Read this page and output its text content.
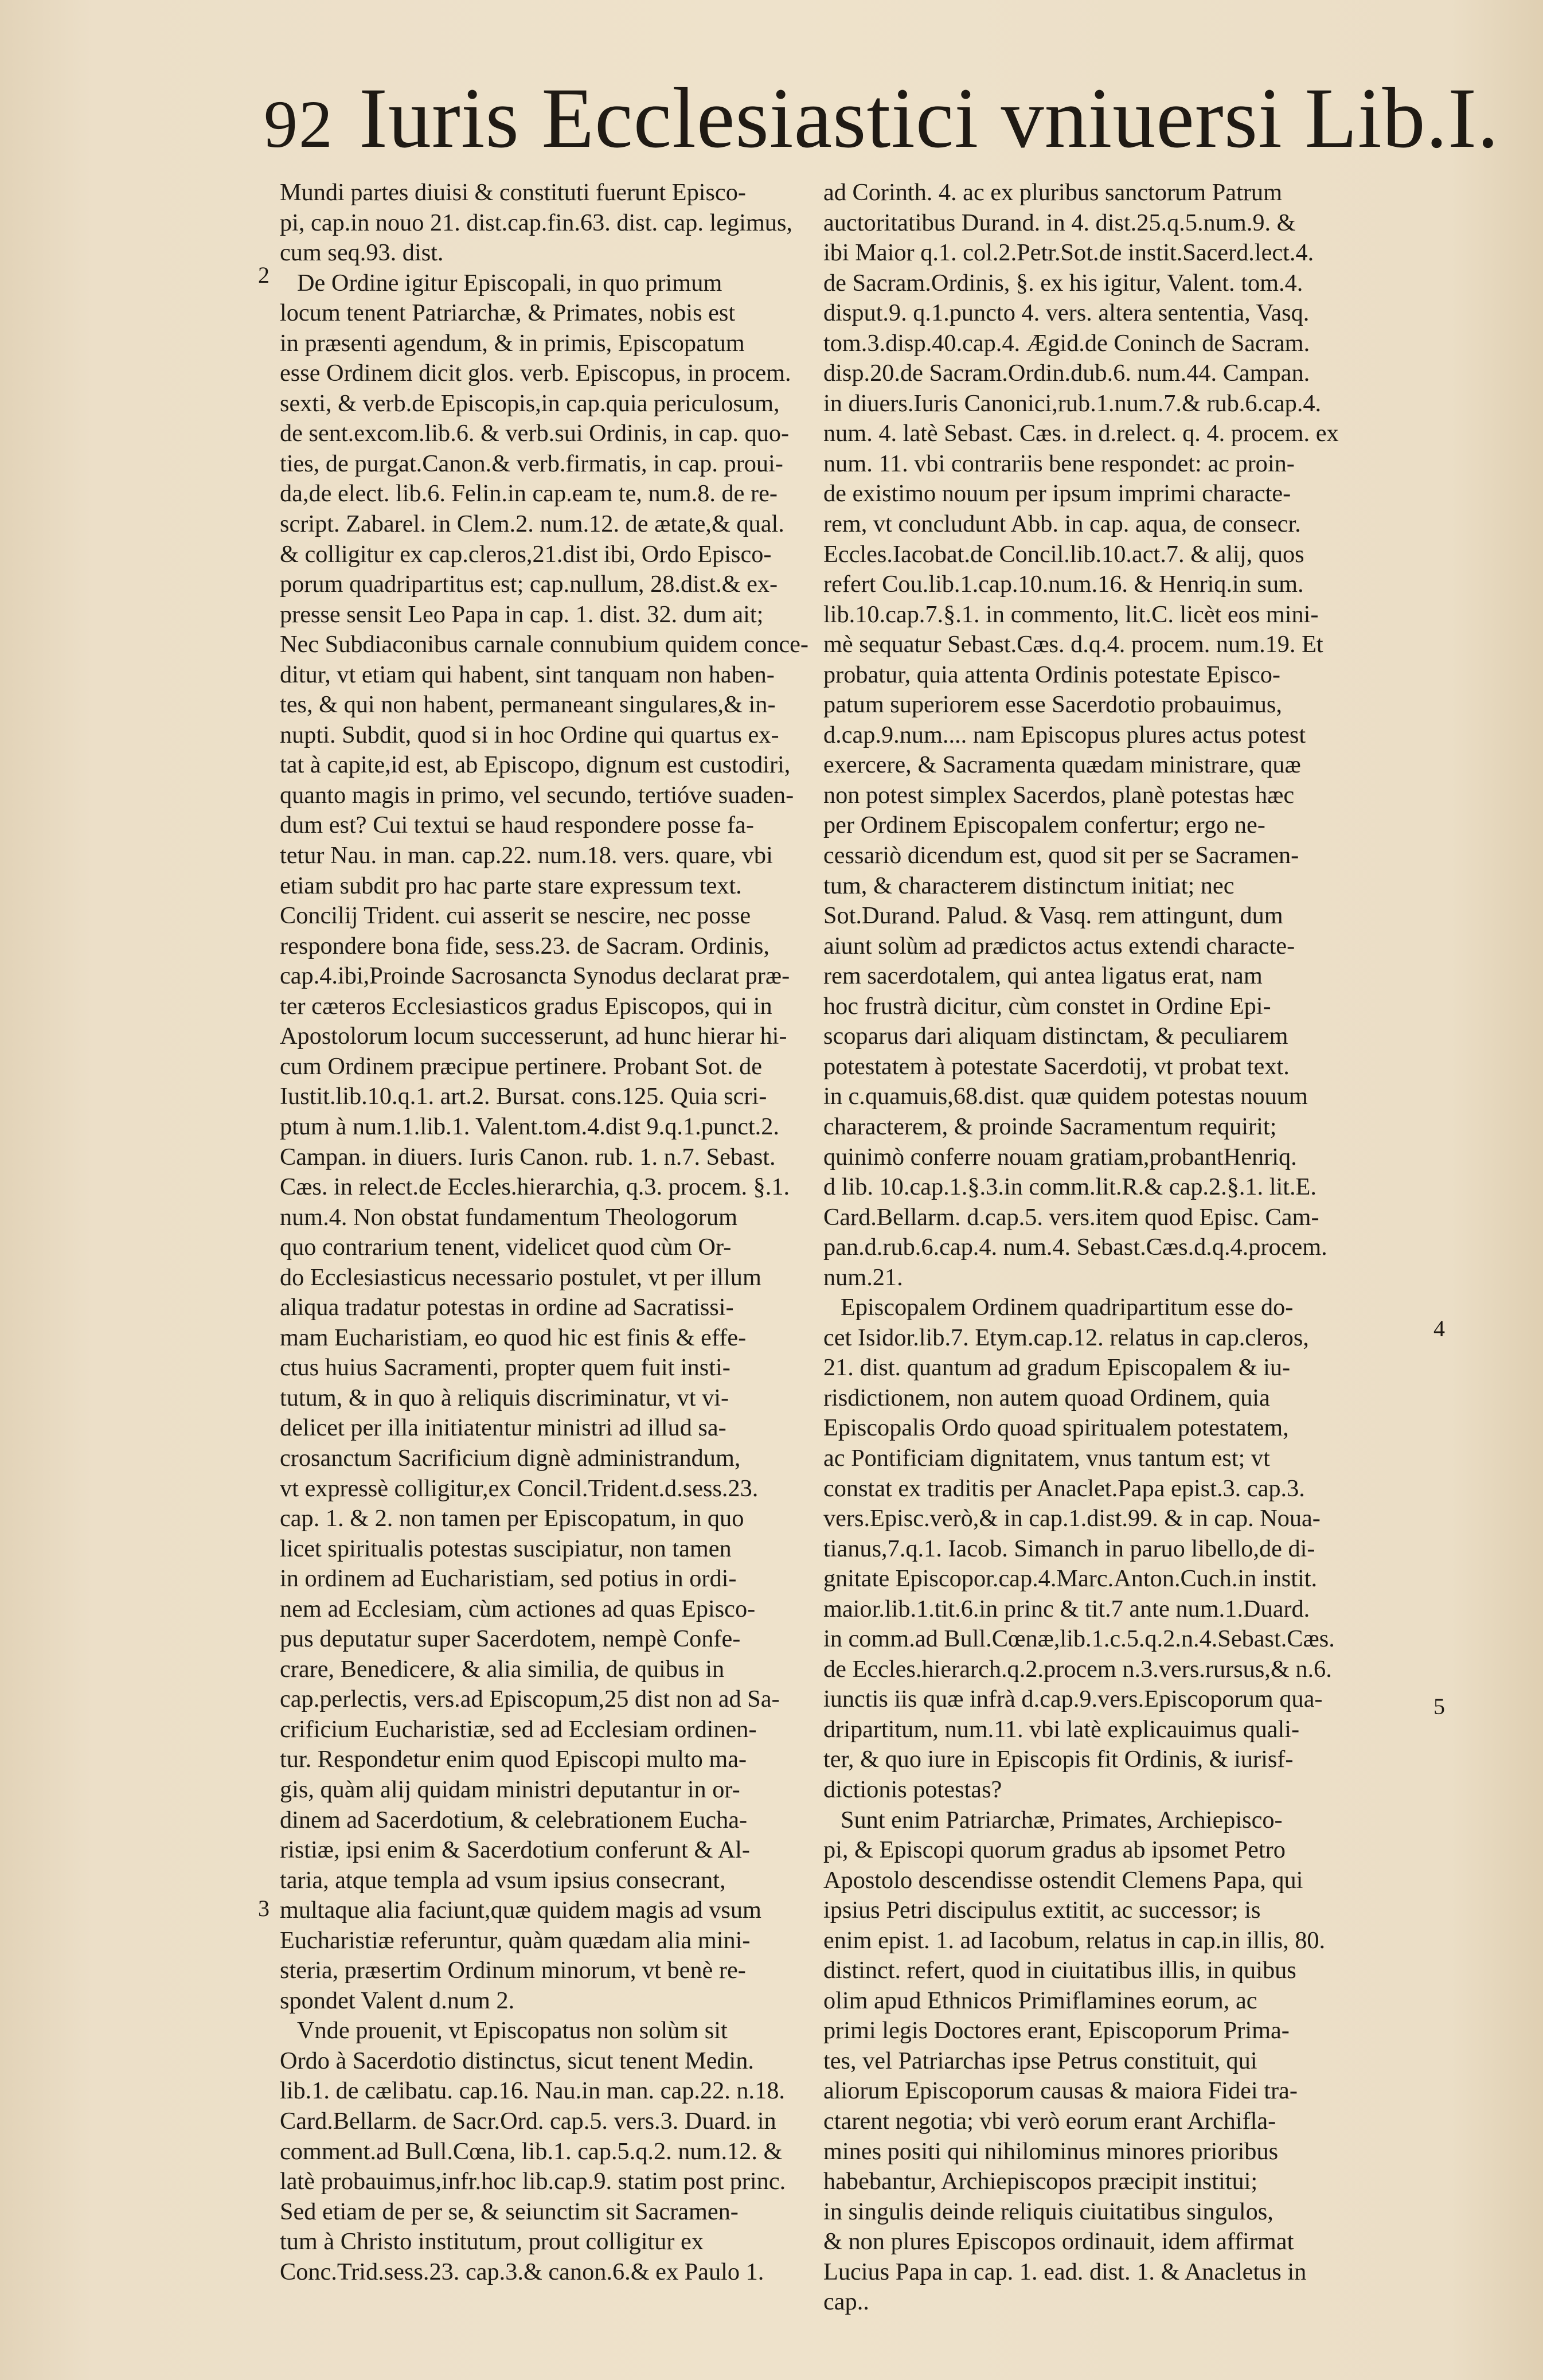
92 Iuris Ecclesiastici vniuersi Lib.I.
Mundi partes diuisi & constituti fuerunt Episco-
pi, cap.in nouo 21. dist.cap.fin.63. dist. cap. legimus,
cum seq.93. dist.
De Ordine igitur Episcopali, in quo primum
locum tenent Patriarchæ, & Primates, nobis est
in præsenti agendum, & in primis, Episcopatum
esse Ordinem dicit glos. verb. Episcopus, in procem.
sexti, & verb.de Episcopis,in cap.quia periculosum,
de sent.excom.lib.6. & verb.sui Ordinis, in cap. quo-
ties, de purgat.Canon.& verb.firmatis, in cap. proui-
da,de elect. lib.6. Felin.in cap.eam te, num.8. de re-
script. Zabarel. in Clem.2. num.12. de ætate,& qual.
& colligitur ex cap.cleros,21.dist ibi, Ordo Episco-
porum quadripartitus est; cap.nullum, 28.dist.& ex-
presse sensit Leo Papa in cap. 1. dist. 32. dum ait;
Nec Subdiaconibus carnale connubium quidem conce-
ditur, vt etiam qui habent, sint tanquam non haben-
tes, & qui non habent, permaneant singulares,& in-
nupti. Subdit, quod si in hoc Ordine qui quartus ex-
tat à capite,id est, ab Episcopo, dignum est custodiri,
quanto magis in primo, vel secundo, tertióve suaden-
dum est? Cui textui se haud respondere posse fa-
tetur Nau. in man. cap.22. num.18. vers. quare, vbi
etiam subdit pro hac parte stare expressum text.
Concilij Trident. cui asserit se nescire, nec posse
respondere bona fide, sess.23. de Sacram. Ordinis,
cap.4.ibi,Proinde Sacrosancta Synodus declarat præ-
ter cæteros Ecclesiasticos gradus Episcopos, qui in
Apostolorum locum successerunt, ad hunc hierar hi-
cum Ordinem præcipue pertinere. Probant Sot. de
Iustit.lib.10.q.1. art.2. Bursat. cons.125. Quia scri-
ptum à num.1.lib.1. Valent.tom.4.dist 9.q.1.punct.2.
Campan. in diuers. Iuris Canon. rub. 1. n.7. Sebast.
Cæs. in relect.de Eccles.hierarchia, q.3. procem. §.1.
num.4. Non obstat fundamentum Theologorum
quo contrarium tenent, videlicet quod cùm Or-
do Ecclesiasticus necessario postulet, vt per illum
aliqua tradatur potestas in ordine ad Sacratissi-
mam Eucharistiam, eo quod hic est finis & effe-
ctus huius Sacramenti, propter quem fuit insti-
tutum, & in quo à reliquis discriminatur, vt vi-
delicet per illa initiatentur ministri ad illud sa-
crosanctum Sacrificium dignè administrandum,
vt expressè colligitur,ex Concil.Trident.d.sess.23.
cap. 1. & 2. non tamen per Episcopatum, in quo
licet spiritualis potestas suscipiatur, non tamen
in ordinem ad Eucharistiam, sed potius in ordi-
nem ad Ecclesiam, cùm actiones ad quas Episco-
pus deputatur super Sacerdotem, nempè Confe-
crare, Benedicere, & alia similia, de quibus in
cap.perlectis, vers.ad Episcopum,25 dist non ad Sa-
crificium Eucharistiæ, sed ad Ecclesiam ordinen-
tur. Respondetur enim quod Episcopi multo ma-
gis, quàm alij quidam ministri deputantur in or-
dinem ad Sacerdotium, & celebrationem Eucha-
ristiæ, ipsi enim & Sacerdotium conferunt & Al-
taria, atque templa ad vsum ipsius consecrant,
multaque alia faciunt,quæ quidem magis ad vsum
Eucharistiæ referuntur, quàm quædam alia mini-
steria, præsertim Ordinum minorum, vt benè re-
spondet Valent d.num 2.
Vnde prouenit, vt Episcopatus non solùm sit
Ordo à Sacerdotio distinctus, sicut tenent Medin.
lib.1. de cælibatu. cap.16. Nau.in man. cap.22. n.18.
Card.Bellarm. de Sacr.Ord. cap.5. vers.3. Duard. in
comment.ad Bull.Cœna, lib.1. cap.5.q.2. num.12. &
latè probauimus,infr.hoc lib.cap.9. statim post princ.
Sed etiam de per se, & seiunctim sit Sacramen-
tum à Christo institutum, prout colligitur ex
Conc.Trid.sess.23. cap.3.& canon.6.& ex Paulo 1.
ad Corinth. 4. ac ex pluribus sanctorum Patrum
auctoritatibus Durand. in 4. dist.25.q.5.num.9. &
ibi Maior q.1. col.2.Petr.Sot.de instit.Sacerd.lect.4.
de Sacram.Ordinis, §. ex his igitur, Valent. tom.4.
disput.9. q.1.puncto 4. vers. altera sententia, Vasq.
tom.3.disp.40.cap.4. Ægid.de Coninch de Sacram.
disp.20.de Sacram.Ordin.dub.6. num.44. Campan.
in diuers.Iuris Canonici,rub.1.num.7.& rub.6.cap.4.
num. 4. latè Sebast. Cæs. in d.relect. q. 4. procem. ex
num. 11. vbi contrariis bene respondet: ac proin-
de existimo nouum per ipsum imprimi characte-
rem, vt concludunt Abb. in cap. aqua, de consecr.
Eccles.Iacobat.de Concil.lib.10.act.7. & alij, quos
refert Cou.lib.1.cap.10.num.16. & Henriq.in sum.
lib.10.cap.7.§.1. in commento, lit.C. licèt eos mini-
mè sequatur Sebast.Cæs. d.q.4. procem. num.19. Et
probatur, quia attenta Ordinis potestate Episco-
patum superiorem esse Sacerdotio probauimus,
d.cap.9.num.... nam Episcopus plures actus potest
exercere, & Sacramenta quædam ministrare, quæ
non potest simplex Sacerdos, planè potestas hæc
per Ordinem Episcopalem confertur; ergo ne-
cessariò dicendum est, quod sit per se Sacramen-
tum, & characterem distinctum initiat; nec
Sot.Durand. Palud. & Vasq. rem attingunt, dum
aiunt solùm ad prædictos actus extendi characte-
rem sacerdotalem, qui antea ligatus erat, nam
hoc frustrà dicitur, cùm constet in Ordine Epi-
scoparus dari aliquam distinctam, & peculiarem
potestatem à potestate Sacerdotij, vt probat text.
in c.quamuis,68.dist. quæ quidem potestas nouum
characterem, & proinde Sacramentum requirit;
quinimò conferre nouam gratiam,probantHenriq.
d lib. 10.cap.1.§.3.in comm.lit.R.& cap.2.§.1. lit.E.
Card.Bellarm. d.cap.5. vers.item quod Episc. Cam-
pan.d.rub.6.cap.4. num.4. Sebast.Cæs.d.q.4.procem.
num.21.
Episcopalem Ordinem quadripartitum esse do-
cet Isidor.lib.7. Etym.cap.12. relatus in cap.cleros,
21. dist. quantum ad gradum Episcopalem & iu-
risdictionem, non autem quoad Ordinem, quia
Episcopalis Ordo quoad spiritualem potestatem,
ac Pontificiam dignitatem, vnus tantum est; vt
constat ex traditis per Anaclet.Papa epist.3. cap.3.
vers.Episc.verò,& in cap.1.dist.99. & in cap. Noua-
tianus,7.q.1. Iacob. Simanch in paruo libello,de di-
gnitate Episcopor.cap.4.Marc.Anton.Cuch.in instit.
maior.lib.1.tit.6.in princ & tit.7 ante num.1.Duard.
in comm.ad Bull.Cœnæ,lib.1.c.5.q.2.n.4.Sebast.Cæs.
de Eccles.hierarch.q.2.procem n.3.vers.rursus,& n.6.
iunctis iis quæ infrà d.cap.9.vers.Episcoporum qua-
dripartitum, num.11. vbi latè explicauimus quali-
ter, & quo iure in Episcopis fit Ordinis, & iurisf-
dictionis potestas?
Sunt enim Patriarchæ, Primates, Archiepisco-
pi, & Episcopi quorum gradus ab ipsomet Petro
Apostolo descendisse ostendit Clemens Papa, qui
ipsius Petri discipulus extitit, ac successor; is
enim epist. 1. ad Iacobum, relatus in cap.in illis, 80.
distinct. refert, quod in ciuitatibus illis, in quibus
olim apud Ethnicos Primiflamines eorum, ac
primi legis Doctores erant, Episcoporum Prima-
tes, vel Patriarchas ipse Petrus constituit, qui
aliorum Episcoporum causas & maiora Fidei tra-
ctarent negotia; vbi verò eorum erant Archifla-
mines positi qui nihilominus minores prioribus
habebantur, Archiepiscopos præcipit institui;
in singulis deinde reliquis ciuitatibus singulos,
& non plures Episcopos ordinauit, idem affirmat
Lucius Papa in cap. 1. ead. dist. 1. & Anacletus in
cap..
2
3
4
5
